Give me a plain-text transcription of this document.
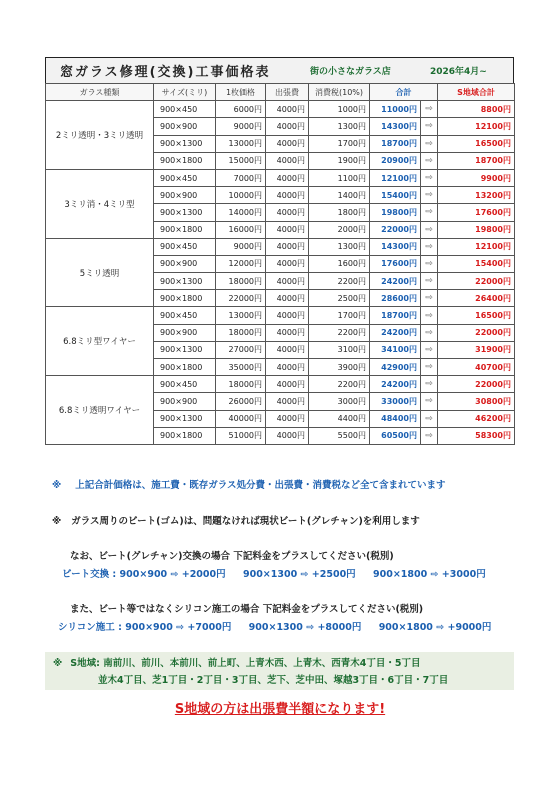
窓ガラス修理(交換)工事価格表	街の小さなガラス店	2026年4月~
ガラス種類	サイズ(ミリ)	1枚価格	出張費	消費税(10%)	合計		S地域合計
2ミリ透明・3ミリ透明	900×450	6000円	4000円	1000円	11000円	⇨	8800円
	900×900	9000円	4000円	1300円	14300円	⇨	12100円
	900×1300	13000円	4000円	1700円	18700円	⇨	16500円
	900×1800	15000円	4000円	1900円	20900円	⇨	18700円
3ミリ消・4ミリ型	900×450	7000円	4000円	1100円	12100円	⇨	9900円
	900×900	10000円	4000円	1400円	15400円	⇨	13200円
	900×1300	14000円	4000円	1800円	19800円	⇨	17600円
	900×1800	16000円	4000円	2000円	22000円	⇨	19800円
5ミリ透明	900×450	9000円	4000円	1300円	14300円	⇨	12100円
	900×900	12000円	4000円	1600円	17600円	⇨	15400円
	900×1300	18000円	4000円	2200円	24200円	⇨	22000円
	900×1800	22000円	4000円	2500円	28600円	⇨	26400円
6.8ミリ型ワイヤー	900×450	13000円	4000円	1700円	18700円	⇨	16500円
	900×900	18000円	4000円	2200円	24200円	⇨	22000円
	900×1300	27000円	4000円	3100円	34100円	⇨	31900円
	900×1800	35000円	4000円	3900円	42900円	⇨	40700円
6.8ミリ透明ワイヤー	900×450	18000円	4000円	2200円	24200円	⇨	22000円
	900×900	26000円	4000円	3000円	33000円	⇨	30800円
	900×1300	40000円	4000円	4400円	48400円	⇨	46200円
	900×1800	51000円	4000円	5500円	60500円	⇨	58300円
※ 上記合計価格は、施工費・既存ガラス処分費・出張費・消費税など全て含まれています
※ ガラス周りのビート(ゴム)は、問題なければ現状ビート(グレチャン)を利用します
なお、ビート(グレチャン)交換の場合 下記料金をプラスしてください(税別)
ビート交換 : 900×900 ⇨ +2000円 900×1300 ⇨ +2500円 900×1800 ⇨ +3000円
また、ビート等ではなくシリコン施工の場合 下記料金をプラスしてください(税別)
シリコン施工 : 900×900 ⇨ +7000円 900×1300 ⇨ +8000円 900×1800 ⇨ +9000円
※ S地域: 南前川、前川、本前川、前上町、上青木西、上青木、西青木4丁目・5丁目
並木4丁目、芝1丁目・2丁目・3丁目、芝下、芝中田、塚越3丁目・6丁目・7丁目
S地域の方は出張費半額になります!
